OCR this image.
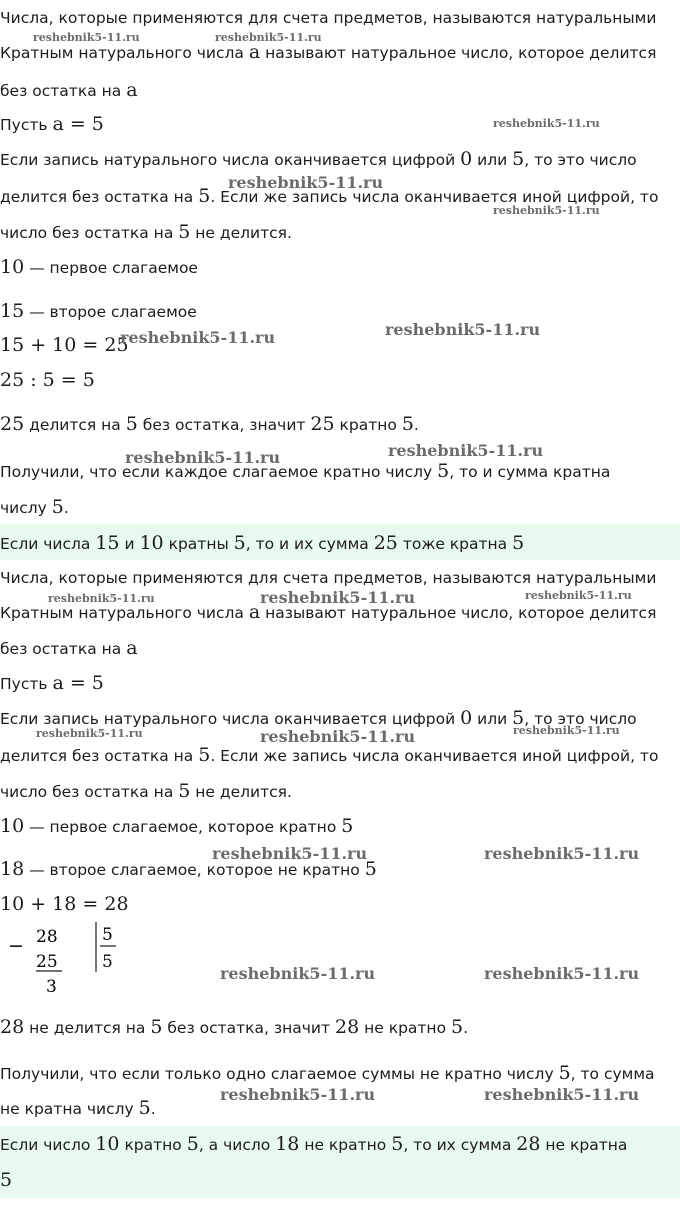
Числа, которые применяются для счета предметов, называются натуральными
Кратным натурального числа a называют натуральное число, которое делится
без остатка на a
Пусть a = 5
Если запись натурального числа оканчивается цифрой 0 или 5, то это число
делится без остатка на 5. Если же запись числа оканчивается иной цифрой, то
число без остатка на 5 не делится.
10 — первое слагаемое
15 — второе слагаемое
15 + 10 = 25
25 : 5 = 5
25 делится на 5 без остатка, значит 25 кратно 5.
Получили, что если каждое слагаемое кратно числу 5, то и сумма кратна
числу 5.
Если числа 15 и 10 кратны 5, то и их сумма 25 тоже кратна 5
Числа, которые применяются для счета предметов, называются натуральными
Кратным натурального числа a называют натуральное число, которое делится
без остатка на a
Пусть a = 5
Если запись натурального числа оканчивается цифрой 0 или 5, то это число
делится без остатка на 5. Если же запись числа оканчивается иной цифрой, то
число без остатка на 5 не делится.
10 — первое слагаемое, которое кратно 5
18 — второе слагаемое, которое не кратно 5
10 + 18 = 28
− 28
25
3
5
5
28 не делится на 5 без остатка, значит 28 не кратно 5.
Получили, что если только одно слагаемое суммы не кратно числу 5, то сумма
не кратна числу 5.
Если число 10 кратно 5, а число 18 не кратно 5, то их сумма 28 не кратна
5
reshebnik5-11.ru	reshebnik5-11.ru
reshebnik5-11.ru
reshebnik5-11.ru
reshebnik5-11.ru
reshebnik5-11.ru	reshebnik5-11.ru
reshebnik5-11.ru	reshebnik5-11.ru
reshebnik5-11.ru	reshebnik5-11.ru	reshebnik5-11.ru
reshebnik5-11.ru	reshebnik5-11.ru	reshebnik5-11.ru
reshebnik5-11.ru	reshebnik5-11.ru
reshebnik5-11.ru	reshebnik5-11.ru
reshebnik5-11.ru	reshebnik5-11.ru
